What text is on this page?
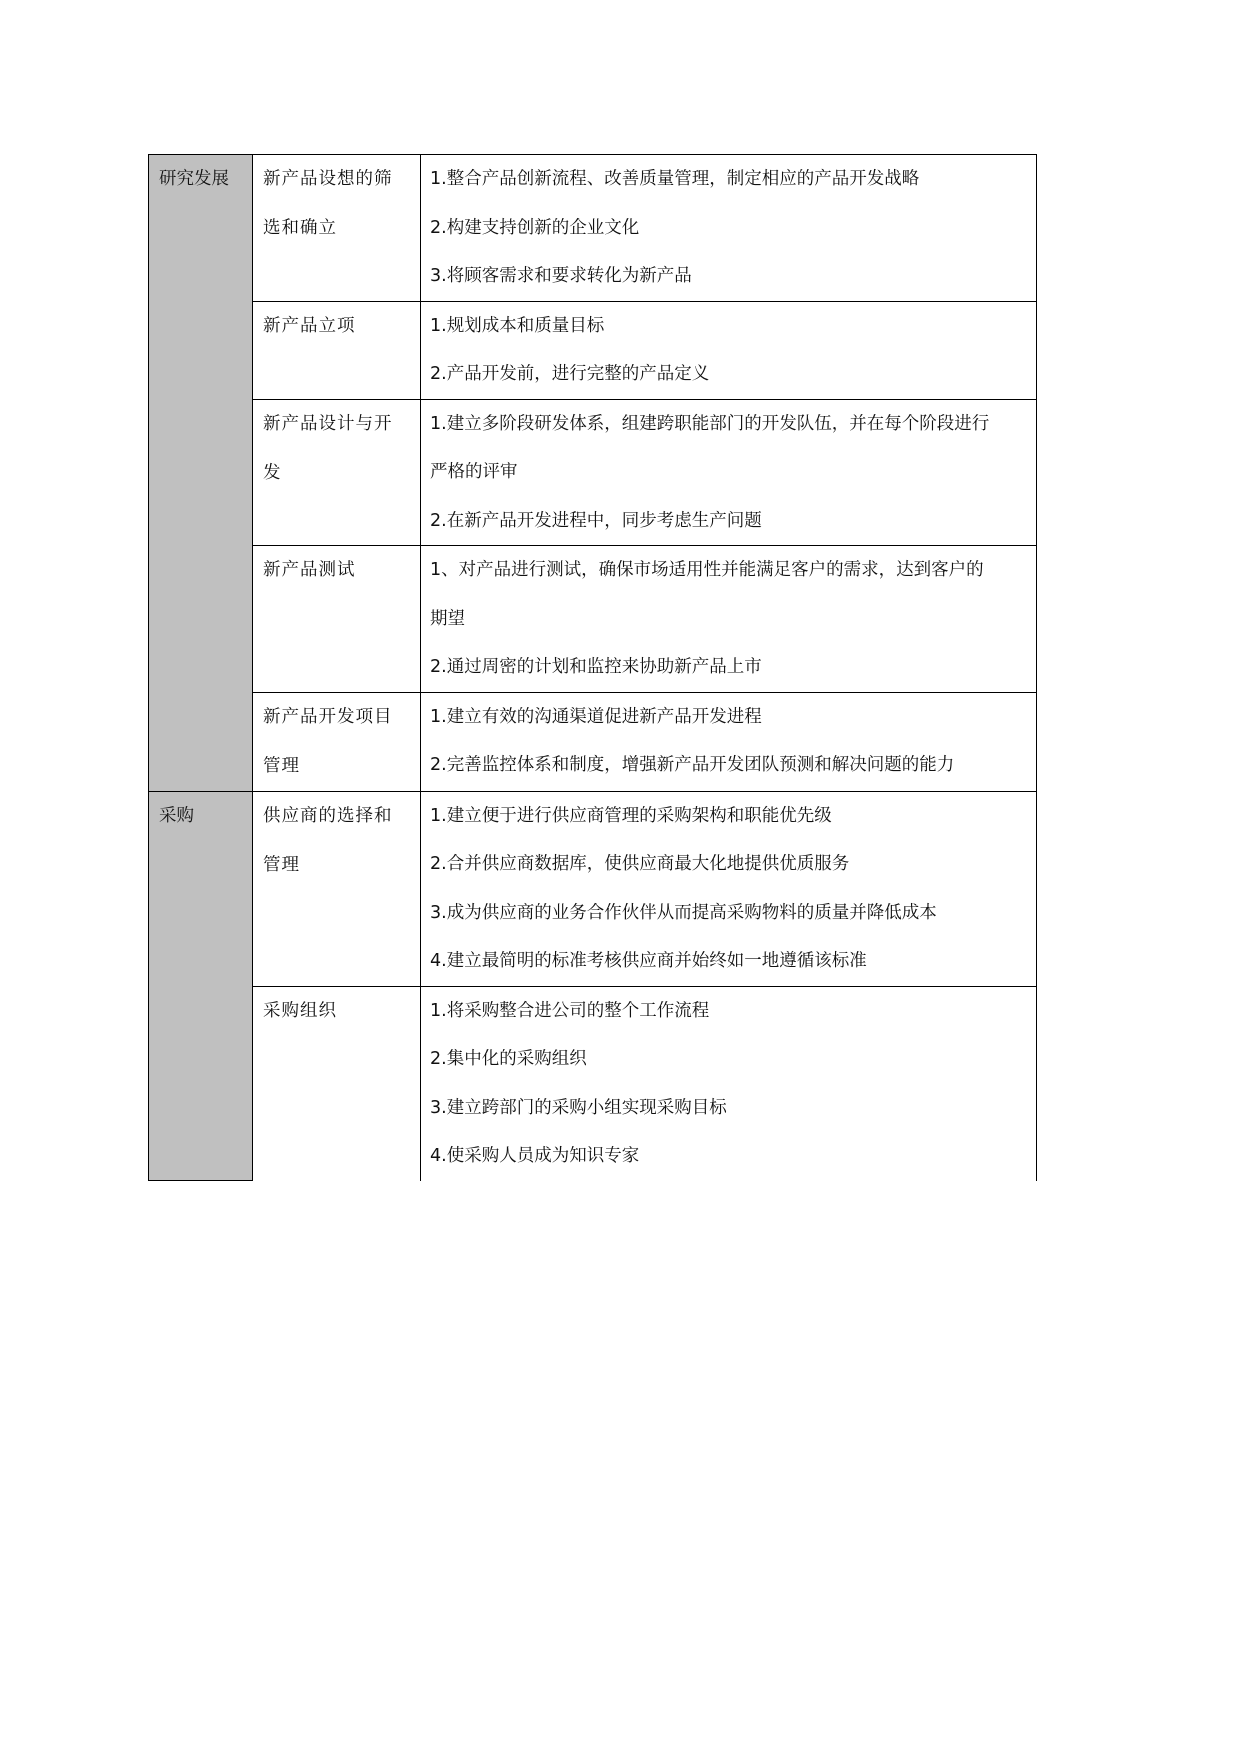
研究发展	新产品设想的筛
选和确立	1.整合产品创新流程、改善质量管理，制定相应的产品开发战略
2.构建支持创新的企业文化
3.将顾客需求和要求转化为新产品

	新产品立项	1.规划成本和质量目标
2.产品开发前，进行完整的产品定义

	新产品设计与开
发	1.建立多阶段研发体系，组建跨职能部门的开发队伍，并在每个阶段进行
严格的评审
2.在新产品开发进程中，同步考虑生产问题

	新产品测试	1、对产品进行测试，确保市场适用性并能满足客户的需求，达到客户的
期望
2.通过周密的计划和监控来协助新产品上市

	新产品开发项目
管理	1.建立有效的沟通渠道促进新产品开发进程
2.完善监控体系和制度，增强新产品开发团队预测和解决问题的能力

采购	供应商的选择和
管理	1.建立便于进行供应商管理的采购架构和职能优先级
2.合并供应商数据库，使供应商最大化地提供优质服务
3.成为供应商的业务合作伙伴从而提高采购物料的质量并降低成本
4.建立最简明的标准考核供应商并始终如一地遵循该标准

	采购组织	1.将采购整合进公司的整个工作流程
2.集中化的采购组织
3.建立跨部门的采购小组实现采购目标
4.使采购人员成为知识专家
